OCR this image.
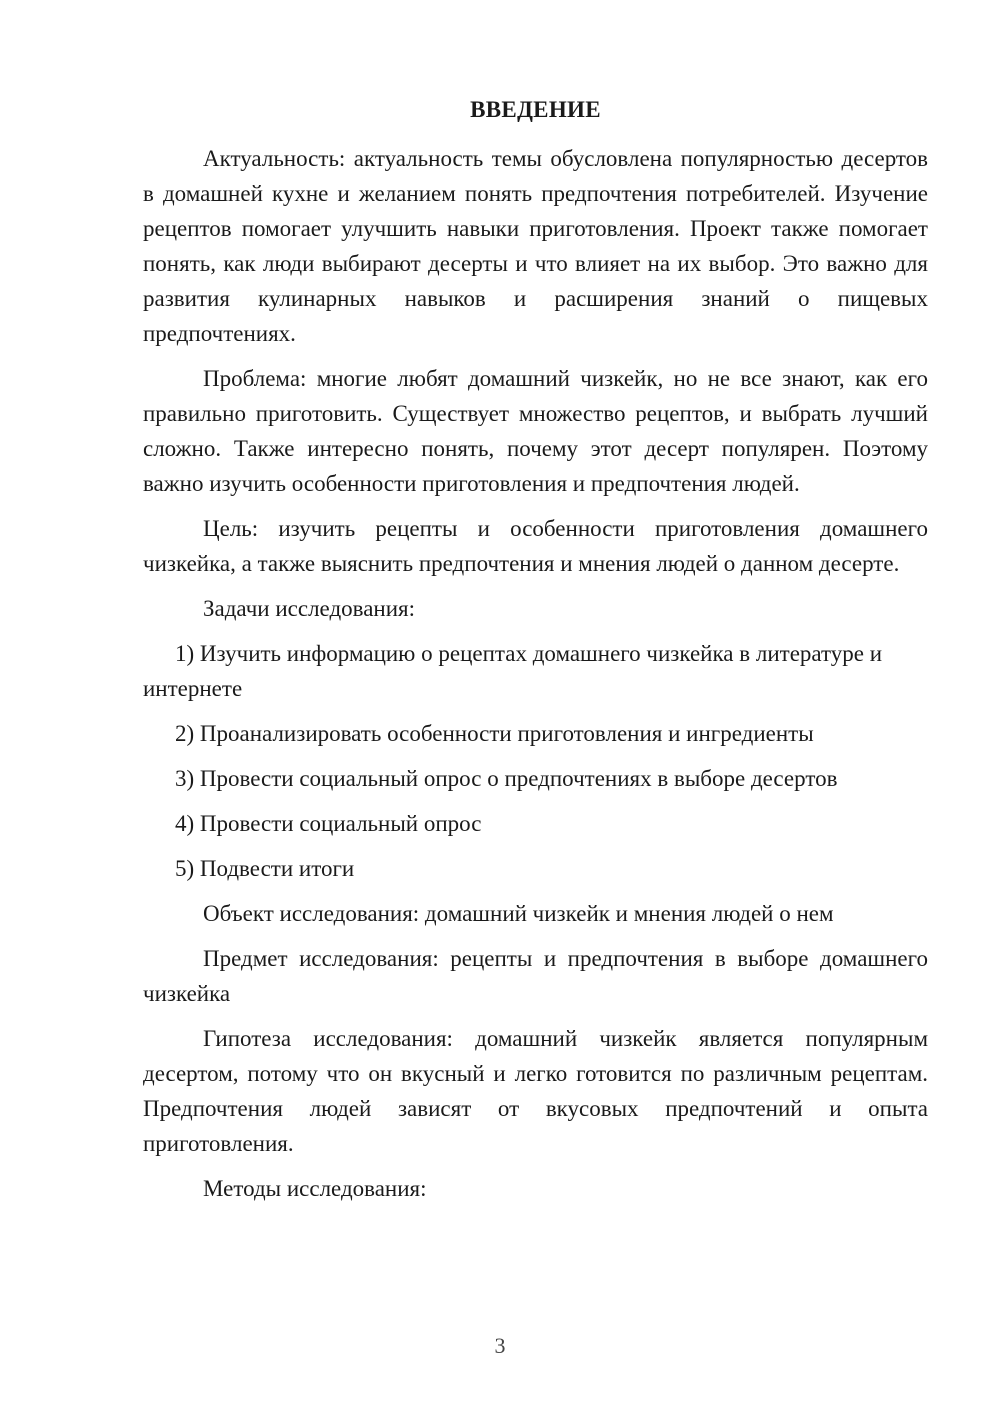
ВВЕДЕНИЕ

Актуальность: актуальность темы обусловлена популярностью десертов в домашней кухне и желанием понять предпочтения потребителей. Изучение рецептов помогает улучшить навыки приготовления. Проект также помогает понять, как люди выбирают десерты и что влияет на их выбор. Это важно для развития кулинарных навыков и расширения знаний о пищевых предпочтениях.

Проблема: многие любят домашний чизкейк, но не все знают, как его правильно приготовить. Существует множество рецептов, и выбрать лучший сложно. Также интересно понять, почему этот десерт популярен. Поэтому важно изучить особенности приготовления и предпочтения людей.

Цель: изучить рецепты и особенности приготовления домашнего чизкейка, а также выяснить предпочтения и мнения людей о данном десерте.

Задачи исследования:

1) Изучить информацию о рецептах домашнего чизкейка в литературе и интернете

2) Проанализировать особенности приготовления и ингредиенты

3) Провести социальный опрос о предпочтениях в выборе десертов

4) Провести социальный опрос

5) Подвести итоги

Объект исследования: домашний чизкейк и мнения людей о нем

Предмет исследования: рецепты и предпочтения в выборе домашнего чизкейка

Гипотеза исследования: домашний чизкейк является популярным десертом, потому что он вкусный и легко готовится по различным рецептам. Предпочтения людей зависят от вкусовых предпочтений и опыта приготовления.

Методы исследования:

3
